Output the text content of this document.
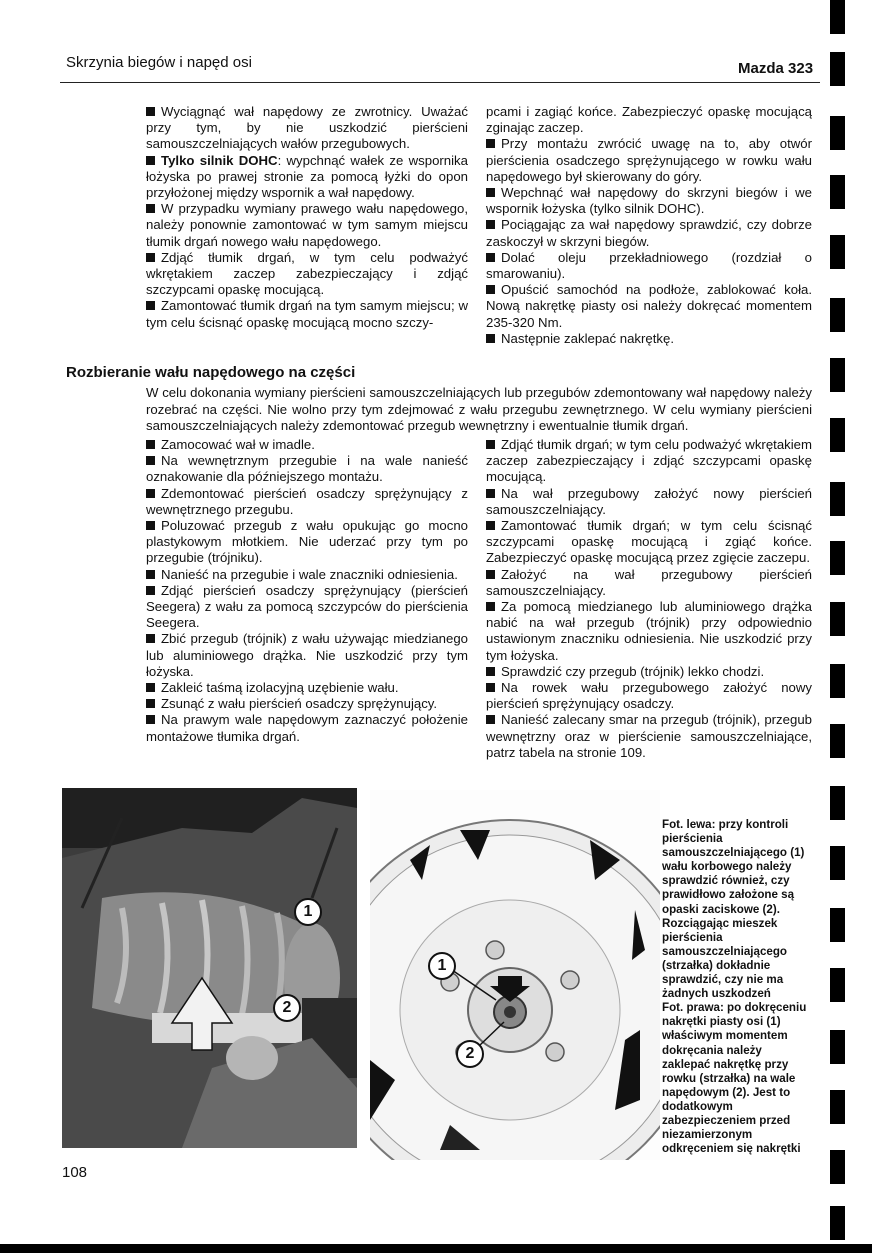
Skrzynia biegów i napęd osi	Mazda 323

Wyciągnąć wał napędowy ze zwrotnicy. Uważać przy tym, by nie uszkodzić pierścieni samouszczelniających wałów przegubowych.

Tylko silnik DOHC: wypchnąć wałek ze wspornika łożyska po prawej stronie za pomocą łyżki do opon przyłożonej między wspornik a wał napędowy.

W przypadku wymiany prawego wału napędowego, należy ponownie zamontować w tym samym miejscu tłumik drgań nowego wału napędowego.

Zdjąć tłumik drgań, w tym celu podważyć wkrętakiem zaczep zabezpieczający i zdjąć szczypcami opaskę mocującą.

Zamontować tłumik drgań na tym samym miejscu; w tym celu ścisnąć opaskę mocującą mocno szczy-

pcami i zagiąć końce. Zabezpieczyć opaskę mocującą zginając zaczep.

Przy montażu zwrócić uwagę na to, aby otwór pierścienia osadczego sprężynującego w rowku wału napędowego był skierowany do góry.

Wepchnąć wał napędowy do skrzyni biegów i we wspornik łożyska (tylko silnik DOHC).

Pociągając za wał napędowy sprawdzić, czy dobrze zaskoczył w skrzyni biegów.

Dolać oleju przekładniowego (rozdział o smarowaniu).

Opuścić samochód na podłoże, zablokować koła. Nową nakrętkę piasty osi należy dokręcać momentem 235-320 Nm.

Następnie zaklepać nakrętkę.

Rozbieranie wału napędowego na części

W celu dokonania wymiany pierścieni samouszczelniających lub przegubów zdemontowany wał napędowy należy rozebrać na części. Nie wolno przy tym zdejmować z wału przegubu zewnętrznego. W celu wymiany pierścieni samouszczelniających należy zdemontować przegub wewnętrzny i ewentualnie tłumik drgań.

Zamocować wał w imadle.

Na wewnętrznym przegubie i na wale nanieść oznakowanie dla późniejszego montażu.

Zdemontować pierścień osadczy sprężynujący z wewnętrznego przegubu.

Poluzować przegub z wału opukując go mocno plastykowym młotkiem. Nie uderzać przy tym po przegubie (trójniku).

Nanieść na przegubie i wale znaczniki odniesienia.

Zdjąć pierścień osadczy sprężynujący (pierścień Seegera) z wału za pomocą szczypców do pierścienia Seegera.

Zbić przegub (trójnik) z wału używając miedzianego lub aluminiowego drążka. Nie uszkodzić przy tym łożyska.

Zakleić taśmą izolacyjną uzębienie wału.

Zsunąć z wału pierścień osadczy sprężynujący.

Na prawym wale napędowym zaznaczyć położenie montażowe tłumika drgań.

Zdjąć tłumik drgań; w tym celu podważyć wkrętakiem zaczep zabezpieczający i zdjąć szczypcami opaskę mocującą.

Na wał przegubowy założyć nowy pierścień samouszczelniający.

Zamontować tłumik drgań; w tym celu ścisnąć szczypcami opaskę mocującą i zgiąć końce. Zabezpieczyć opaskę mocującą przez zgięcie zaczepu.

Założyć na wał przegubowy pierścień samouszczelniający.

Za pomocą miedzianego lub aluminiowego drążka nabić na wał przegub (trójnik) przy odpowiednio ustawionym znaczniku odniesienia. Nie uszkodzić przy tym łożyska.

Sprawdzić czy przegub (trójnik) lekko chodzi.

Na rowek wału przegubowego założyć nowy pierścień sprężynujący osadczy.

Nanieść zalecany smar na przegub (trójnik), przegub wewnętrzny oraz w pierścienie samouszczelniające, patrz tabela na stronie 109.

1
2
1
2

Fot. lewa: przy kontroli pierścienia samouszczelniającego (1) wału korbowego należy sprawdzić również, czy prawidłowo założone są opaski zaciskowe (2). Rozciągając mieszek pierścienia samouszczelniającego (strzałka) dokładnie sprawdzić, czy nie ma żadnych uszkodzeń

Fot. prawa: po dokręceniu nakrętki piasty osi (1) właściwym momentem dokręcania należy zaklepać nakrętkę przy rowku (strzałka) na wale napędowym (2). Jest to dodatkowym zabezpieczeniem przed niezamierzonym odkręceniem się nakrętki

108
